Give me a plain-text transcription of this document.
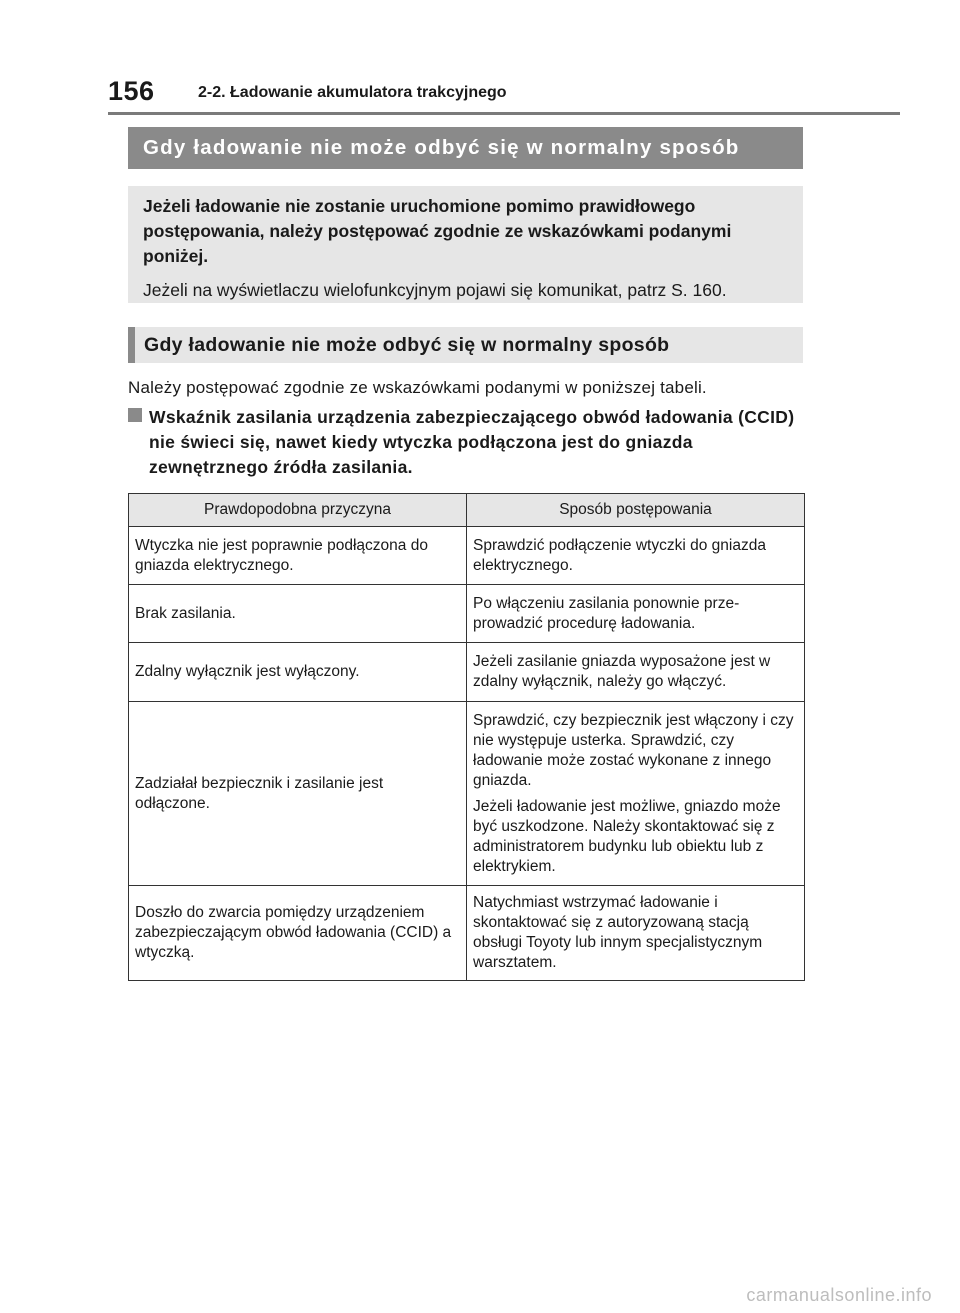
156	2-2. Ładowanie akumulatora trakcyjnego
Gdy ładowanie nie może odbyć się w normalny sposób

Jeżeli ładowanie nie zostanie uruchomione pomimo prawidłowego postępowania, należy postępować zgodnie ze wskazówkami podanymi poniżej.

Jeżeli na wyświetlaczu wielofunkcyjnym pojawi się komunikat, patrz S. 160.

Gdy ładowanie nie może odbyć się w normalny sposób
Należy postępować zgodnie ze wskazówkami podanymi w poniższej tabeli.
Wskaźnik zasilania urządzenia zabezpieczającego obwód ładowania (CCID) nie świeci się, nawet kiedy wtyczka podłączona jest do gniazda zewnętrznego źródła zasilania.
Prawdopodobna przyczyna	Sposób postępowania
Wtyczka nie jest poprawnie podłączona do gniazda elektrycznego.	Sprawdzić podłączenie wtyczki do gniazda elektrycznego.

Brak zasilania.	Po włączeniu zasilania ponownie przeprowadzić procedurę ładowania.

Zdalny wyłącznik jest wyłączony.	Jeżeli zasilanie gniazda wyposażone jest w zdalny wyłącznik, należy go włączyć.

Zadziałał bezpiecznik i zasilanie jest odłączone.	Sprawdzić, czy bezpiecznik jest włączony i czy nie występuje usterka. Sprawdzić, czy ładowanie może zostać wykonane z innego gniazda.

Jeżeli ładowanie jest możliwe, gniazdo może być uszkodzone. Należy skontaktować się z administratorem budynku lub obiektu lub z elektrykiem.

Doszło do zwarcia pomiędzy urządzeniem zabezpieczającym obwód ładowania (CCID) a wtyczką.	Natychmiast wstrzymać ładowanie i skontaktować się z autoryzowaną stacją obsługi Toyoty lub innym specjalistycznym warsztatem.

carmanualsonline.info
